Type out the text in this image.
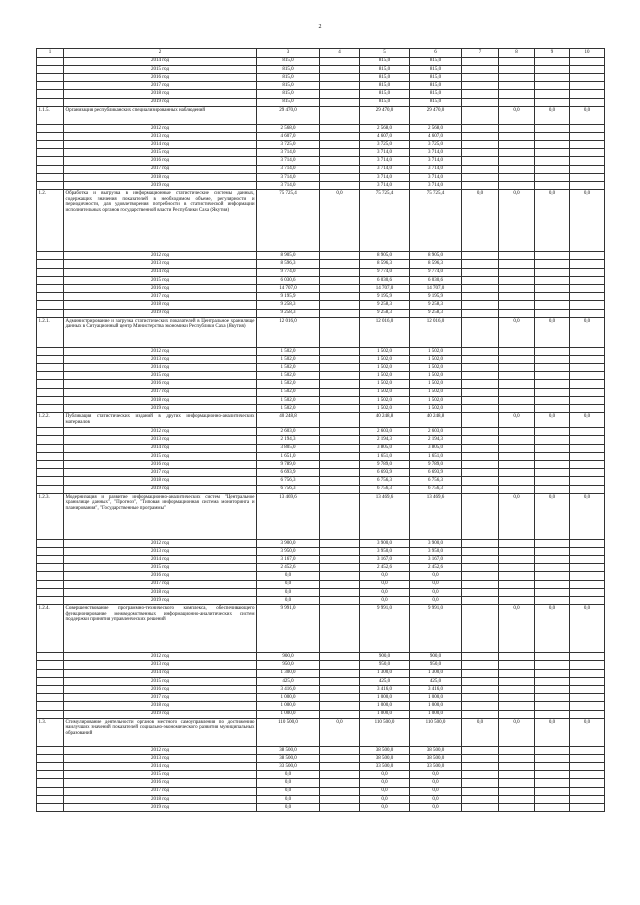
2
1	2	3	4	5	6	7	8	9	10
	2014 год	815,0		815,0	815,0				
	2015 год	815,0		815,0	815,0				
	2016 год	815,0		815,0	815,0				
	2017 год	815,0		815,0	815,0				
	2018 год	815,0		815,0	815,0				
	2019 год	815,0		815,0	815,0				
1.1.5.	Организация республиканских специализированных наблюдений	29 470,0		29 470,0	29 470,0		0,0	0,0	0,0
	2012 год	2 568,0		2 568,0	2 568,0				
	2013 год	4 607,0		4 607,0	4 607,0				
	2014 год	3 725,0		3 725,0	3 725,0				
	2015 год	3 714,0		3 714,0	3 714,0				
	2016 год	3 714,0		3 714,0	3 714,0				
	2017 год	3 714,0		3 714,0	3 714,0				
	2018 год	3 714,0		3 714,0	3 714,0				
	2019 год	3 714,0		3 714,0	3 714,0				
1.2.	Обработка и выгрузка в информационные статистические системы данных, содержащих значения показателей в необходимом объеме, регулярности и периодичности, для удовлетворения потребности в статистической информации исполнительных органов государственной власти Республики Саха (Якутия)	75 725,4	0,0	75 725,4	75 725,4	0,0	0,0	0,0	0,0
	2012 год	8 905,0		8 905,0	8 905,0				
	2013 год	8 596,3		8 596,3	8 596,3				
	2014 год	9 774,0		9 774,0	9 774,0				
	2015 год	6 030,6		6 030,6	6 030,6				
	2016 год	14 707,0		14 707,0	14 707,0				
	2017 год	9 195,9		9 195,9	9 195,9				
	2018 год	9 258,3		9 258,3	9 258,3				
	2019 год	9 258,3		9 258,3	9 258,3				
1.2.1.	Администрирование и загрузка статистических показателей в Центральное хранилище данных в Ситуационный центр Министерства экономики Республики Саха (Якутия)	12 016,0		12 016,0	12 016,0		0,0	0,0	0,0
	2012 год	1 502,0		1 502,0	1 502,0				
	2013 год	1 502,0		1 502,0	1 502,0				
	2014 год	1 502,0		1 502,0	1 502,0				
	2015 год	1 502,0		1 502,0	1 502,0				
	2016 год	1 502,0		1 502,0	1 502,0				
	2017 год	1 502,0		1 502,0	1 502,0				
	2018 год	1 502,0		1 502,0	1 502,0				
	2019 год	1 502,0		1 502,0	1 502,0				
1.2.2.	Публикация статистических изданий в других информационно-аналитических материалов	40 248,8		40 248,8	40 248,8		0,0	0,0	0,0
	2012 год	2 603,0		2 603,0	2 603,0				
	2013 год	2 194,3		2 194,3	2 194,3				
	2014 год	3 805,0		3 805,0	3 805,0				
	2015 год	1 651,0		1 651,0	1 651,0				
	2016 год	9 789,0		9 789,0	9 789,0				
	2017 год	6 693,9		6 693,9	6 693,9				
	2018 год	6 756,3		6 756,3	6 756,3				
	2019 год	6 756,3		6 756,3	6 756,3				
1.2.3.	Модернизация и развитие информационно-аналитических систем "Центральное хранилище данных", "Прогноз", "Типовая информационная система мониторинга и планирования", "Государственные программы"	13 469,6		13 469,6	13 469,6		0,0	0,0	0,0
	2012 год	3 900,0		3 900,0	3 900,0				
	2013 год	3 950,0		3 950,0	3 950,0				
	2014 год	3 167,0		3 167,0	3 167,0				
	2015 год	2 452,6		2 452,6	2 452,6				
	2016 год	0,0		0,0	0,0				
	2017 год	0,0		0,0	0,0				
	2018 год	0,0		0,0	0,0				
	2019 год	0,0		0,0	0,0				
1.2.4.	Совершенствование программно-технического комплекса, обеспечивающего функционирование межведомственных информационно-аналитических систем поддержки принятия управленческих решений	9 991,0		9 991,0	9 991,0		0,0	0,0	0,0
	2012 год	900,0		900,0	900,0				
	2013 год	950,0		950,0	950,0				
	2014 год	1 300,0		1 300,0	1 300,0				
	2015 год	425,0		425,0	425,0				
	2016 год	3 416,0		3 416,0	3 416,0				
	2017 год	1 000,0		1 000,0	1 000,0				
	2018 год	1 000,0		1 000,0	1 000,0				
	2019 год	1 000,0		1 000,0	1 000,0				
1.3.	Стимулирование деятельности органов местного самоуправления по достижению наилучших значений показателей социально-экономического развития муниципальных образований	110 500,0	0,0	110 500,0	110 500,0	0,0	0,0	0,0	0,0
	2012 год	38 500,0		38 500,0	38 500,0				
	2013 год	38 500,0		38 500,0	38 500,0				
	2014 год	33 500,0		33 500,0	33 500,0				
	2015 год	0,0		0,0	0,0				
	2016 год	0,0		0,0	0,0				
	2017 год	0,0		0,0	0,0				
	2018 год	0,0		0,0	0,0				
	2019 год	0,0		0,0	0,0				
